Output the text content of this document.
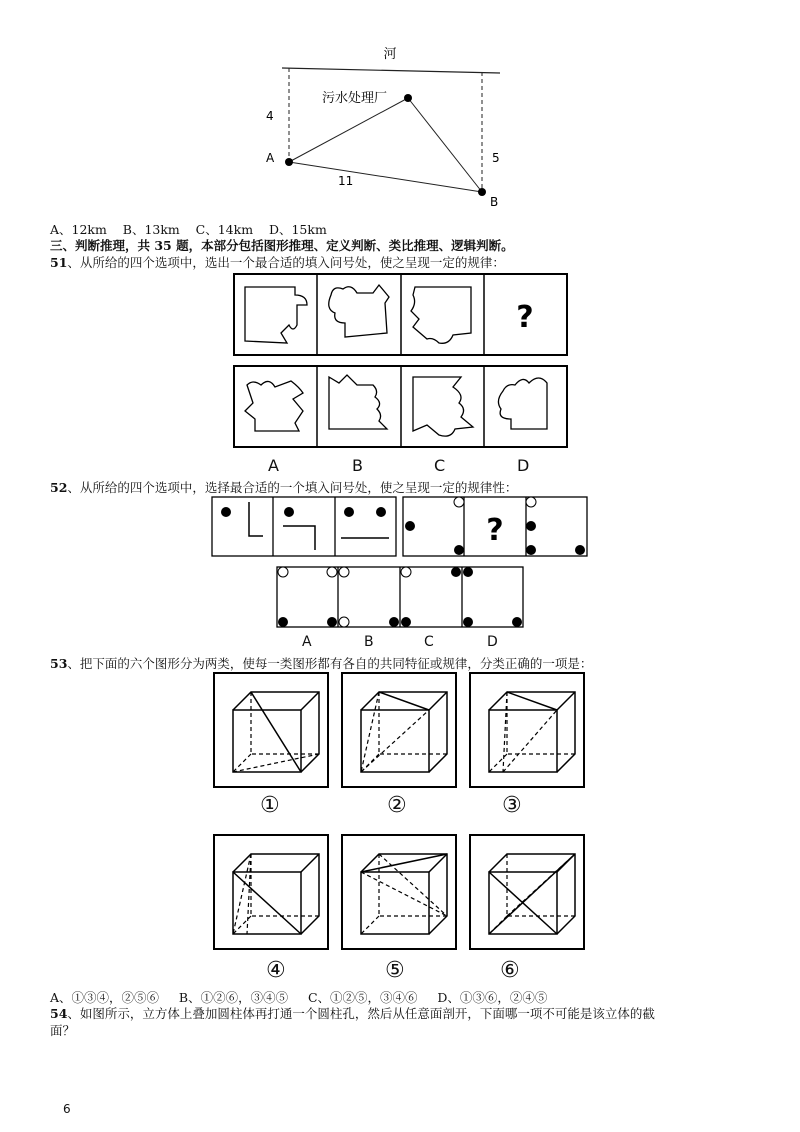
河
污水处理厂
4
A	5
11
B
A、12km    B、13km    C、14km    D、15km
三、判断推理，共 35 题，本部分包括图形推理、定义判断、类比推理、逻辑判断。
51、从所给的四个选项中，选出一个最合适的填入问号处，使之呈现一定的规律：
?
A	B	C	D
52、从所给的四个选项中，选择最合适的一个填入问号处，使之呈现一定的规律性：
?
A	B	C	D
53、把下面的六个图形分为两类，使每一类图形都有各自的共同特征或规律，分类正确的一项是：
①	②	③
④	⑤	⑥
A、①③④，②⑤⑥     B、①②⑥，③④⑤     C、①②⑤，③④⑥     D、①③⑥，②④⑤
54、如图所示，立方体上叠加圆柱体再打通一个圆柱孔，然后从任意面剖开，下面哪一项不可能是该立体的截
面？
6
